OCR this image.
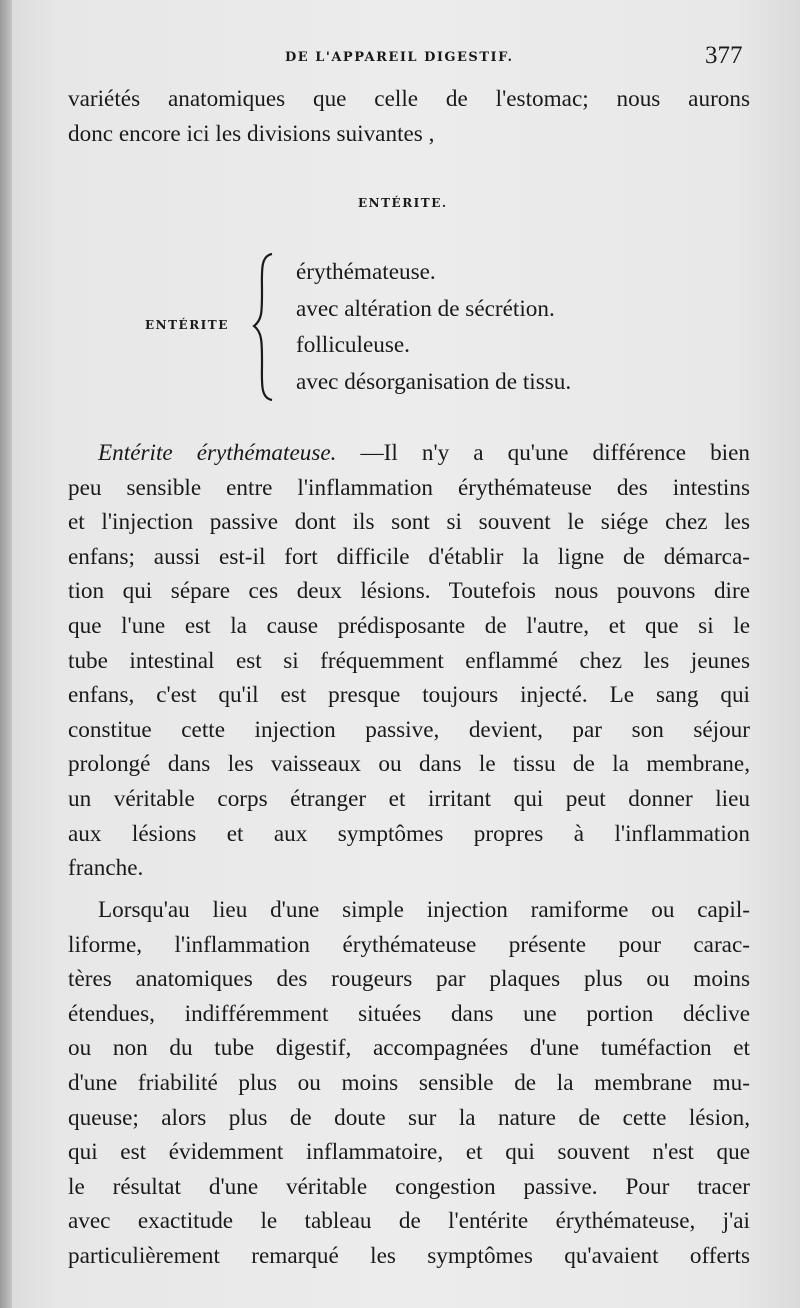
DE L'APPAREIL DIGESTIF.	377
variétés anatomiques que celle de l'estomac; nous aurons
donc encore ici les divisions suivantes ,
ENTÉRITE.
ENTÉRITE
érythémateuse.
avec altération de sécrétion.
folliculeuse.
avec désorganisation de tissu.
Entérite érythémateuse. —Il n'y a qu'une différence bien
peu sensible entre l'inflammation érythémateuse des intestins
et l'injection passive dont ils sont si souvent le siége chez les
enfans; aussi est-il fort difficile d'établir la ligne de démarca-
tion qui sépare ces deux lésions. Toutefois nous pouvons dire
que l'une est la cause prédisposante de l'autre, et que si le
tube intestinal est si fréquemment enflammé chez les jeunes
enfans, c'est qu'il est presque toujours injecté. Le sang qui
constitue cette injection passive, devient, par son séjour
prolongé dans les vaisseaux ou dans le tissu de la membrane,
un véritable corps étranger et irritant qui peut donner lieu
aux lésions et aux symptômes propres à l'inflammation
franche.
Lorsqu'au lieu d'une simple injection ramiforme ou capil-
liforme, l'inflammation érythémateuse présente pour carac-
tères anatomiques des rougeurs par plaques plus ou moins
étendues, indifféremment situées dans une portion déclive
ou non du tube digestif, accompagnées d'une tuméfaction et
d'une friabilité plus ou moins sensible de la membrane mu-
queuse; alors plus de doute sur la nature de cette lésion,
qui est évidemment inflammatoire, et qui souvent n'est que
le résultat d'une véritable congestion passive. Pour tracer
avec exactitude le tableau de l'entérite érythémateuse, j'ai
particulièrement remarqué les symptômes qu'avaient offerts
